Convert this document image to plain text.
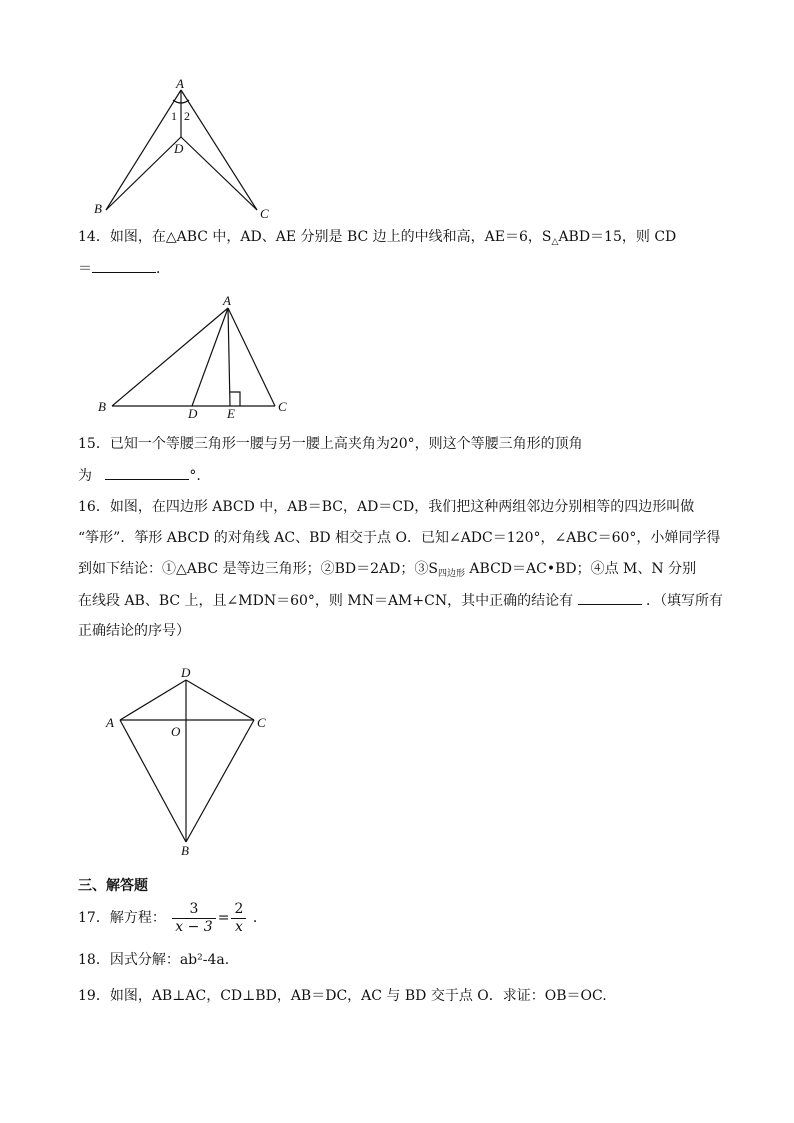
A
1 2
D
B	C
14．如图，在△ABC 中，AD、AE 分别是 BC 边上的中线和高，AE＝6，$S_\triangle ABD=15$，则 CD
＝	．
A
B	D E	C
15．已知一个等腰三角形一腰与另一腰上高夹角为20°，则这个等腰三角形的顶角
为	°.
16．如图，在四边形 ABCD 中，AB＝BC，AD＝CD，我们把这种两组邻边分别相等的四边形叫做
“筝形”．筝形 ABCD 的对角线 AC、BD 相交于点 O．已知∠ADC＝120°，∠ABC＝60°，小婵同学得
到如下结论：①△ABC 是等边三角形；②BD＝2AD；$③S_{四边形}$ ABCD＝AC•BD；④点 M、N 分别
在线段 AB、BC 上，且∠MDN＝60°，则 MN＝AM+CN，其中正确的结论有	．（填写所有
正确结论的序号）
D
A	C
O
B
三、解答题
17．解方程： $\frac{3}{x - 3} = \frac{2}{x}$ ．
18．因式分解：ab²-4a.
19．如图，AB⊥AC，CD⊥BD，AB＝DC，AC 与 BD 交于点 O．求证：OB＝OC.
